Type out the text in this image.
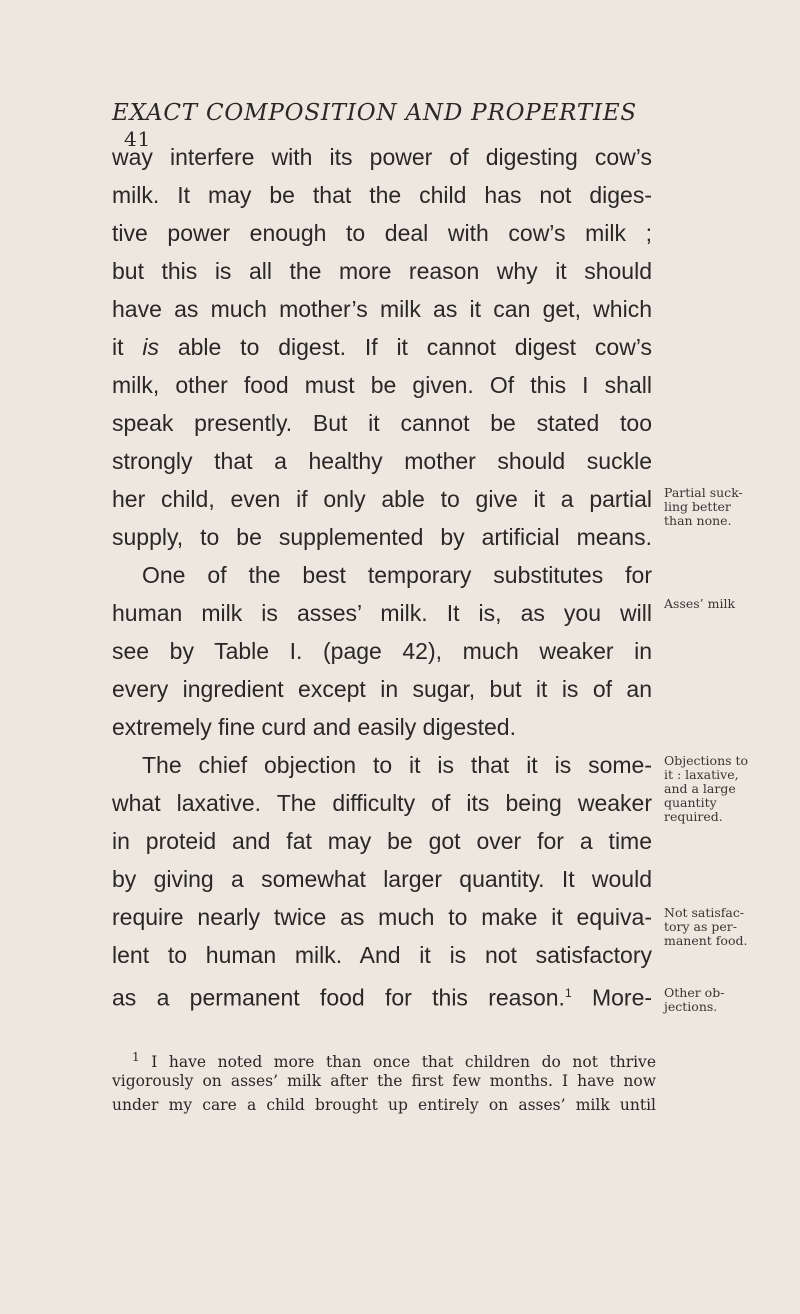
EXACT COMPOSITION AND PROPERTIES 41
way interfere with its power of digesting cow’s
milk. It may be that the child has not diges-
tive power enough to deal with cow’s milk ;
but this is all the more reason why it should
have as much mother’s milk as it can get, which
it is able to digest. If it cannot digest cow’s
milk, other food must be given. Of this I shall
speak presently. But it cannot be stated too
strongly that a healthy mother should suckle
her child, even if only able to give it a partial
supply, to be supplemented by artificial means.
One of the best temporary substitutes for
human milk is asses’ milk. It is, as you will
see by Table I. (page 42), much weaker in
every ingredient except in sugar, but it is of an
extremely fine curd and easily digested.
The chief objection to it is that it is some-
what laxative. The difficulty of its being weaker
in proteid and fat may be got over for a time
by giving a somewhat larger quantity. It would
require nearly twice as much to make it equiva-
lent to human milk. And it is not satisfactory
as a permanent food for this reason.$^1$ More-
Partial suck-
ling better
than none.
Asses’ milk
Objections to
it : laxative,
and a large
quantity
required.
Not satisfac-
tory as per-
manent food.
Other ob-
jections.
$^1$ I have noted more than once that children do not thrive
vigorously on asses’ milk after the first few months. I have now
under my care a child brought up entirely on asses’ milk until
